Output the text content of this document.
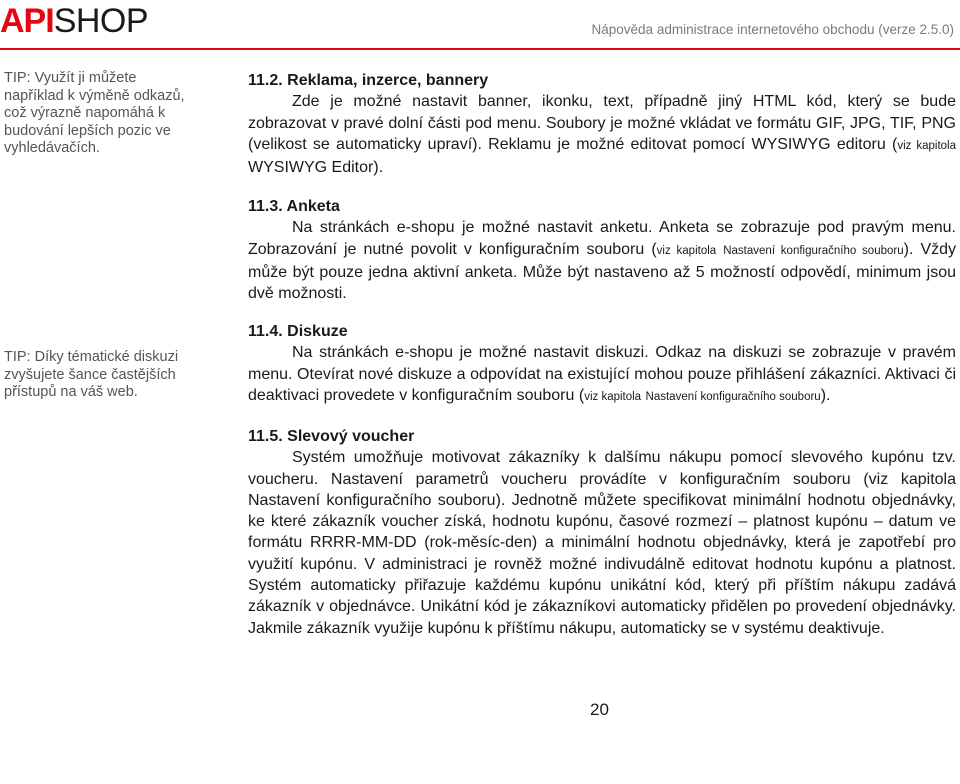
API SHOP	Nápověda administrace internetového obchodu (verze 2.5.0)
TIP: Využít ji můžete například k výměně odkazů, což výrazně napomáhá k budování lepších pozic ve vyhledávačích.
TIP: Díky tématické diskuzi zvyšujete šance častějších přístupů na váš web.
11.2. Reklama, inzerce, bannery
Zde je možné nastavit banner, ikonku, text, případně jiný HTML kód, který se bude zobrazovat v pravé dolní části pod menu. Soubory je možné vkládat ve formátu GIF, JPG, TIF, PNG (velikost se automaticky upraví). Reklamu je možné editovat pomocí WYSIWYG editoru (viz kapitola WYSIWYG Editor).
11.3. Anketa
Na stránkách e-shopu je možné nastavit anketu. Anketa se zobrazuje pod pravým menu. Zobrazování je nutné povolit v konfiguračním souboru (viz kapitola Nastavení konfiguračního souboru). Vždy může být pouze jedna aktivní anketa. Může být nastaveno až 5 možností odpovědí, minimum jsou dvě možnosti.
11.4. Diskuze
Na stránkách e-shopu je možné nastavit diskuzi. Odkaz na diskuzi se zobrazuje v pravém menu. Otevírat nové diskuze a odpovídat na existující mohou pouze přihlášení zákazníci. Aktivaci či deaktivaci provedete v konfiguračním souboru (viz kapitola Nastavení konfiguračního souboru).
11.5. Slevový voucher
Systém umožňuje motivovat zákazníky k dalšímu nákupu pomocí slevového kupónu tzv. voucheru. Nastavení parametrů voucheru provádíte v konfiguračním souboru (viz kapitola Nastavení konfiguračního souboru). Jednotně můžete specifikovat minimální hodnotu objednávky, ke které zákazník voucher získá, hodnotu kupónu, časové rozmezí – platnost kupónu – datum ve formátu RRRR-MM-DD (rok-měsíc-den) a minimální hodnotu objednávky, která je zapotřebí pro využití kupónu. V administraci je rovněž možné indivudálně editovat hodnotu kupónu a platnost. Systém automaticky přiřazuje každému kupónu unikátní kód, který při příštím nákupu zadává zákazník v objednávce. Unikátní kód je zákazníkovi automaticky přidělen po provedení objednávky. Jakmile zákazník využije kupónu k příštímu nákupu, automaticky se v systému deaktivuje.
20
